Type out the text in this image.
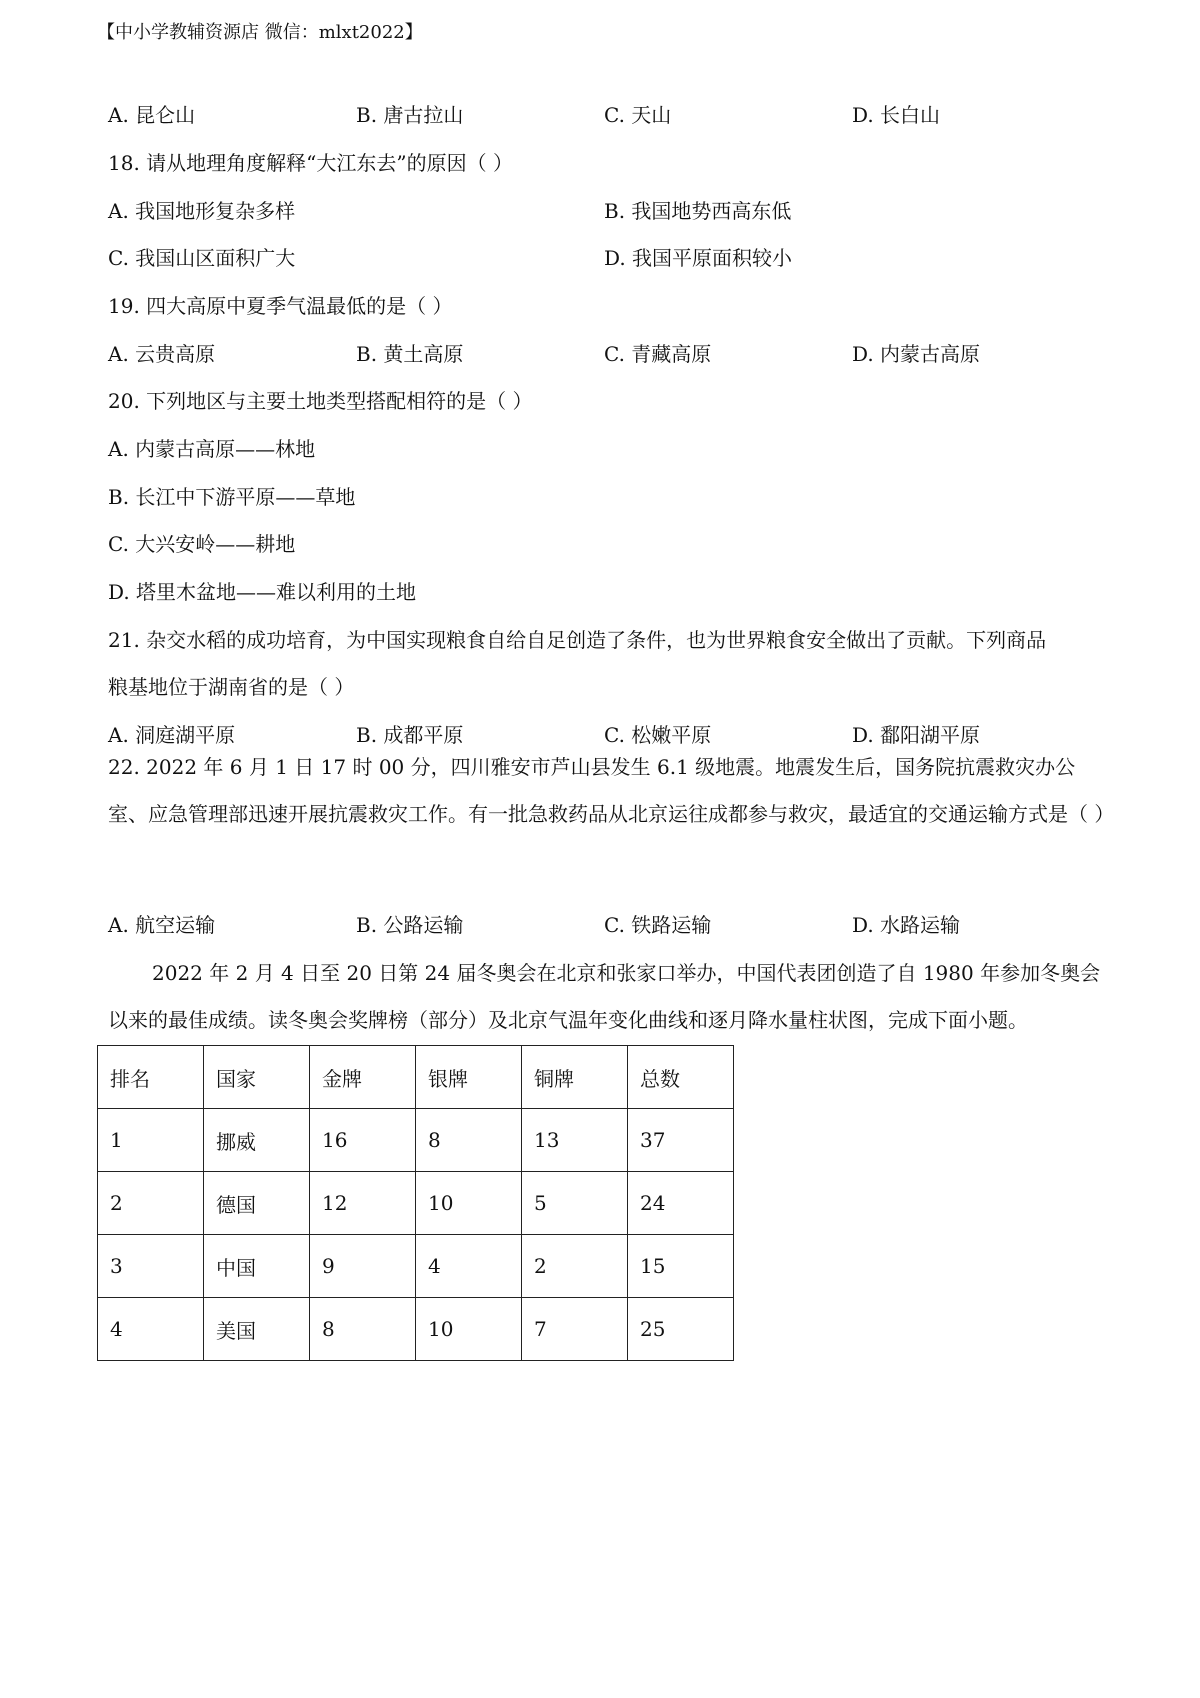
【中小学教辅资源店 微信：mlxt2022】
A. 昆仑山	B. 唐古拉山	C. 天山	D. 长白山
18. 请从地理角度解释“大江东去”的原因（ ）
A. 我国地形复杂多样	B. 我国地势西高东低
C. 我国山区面积广大	D. 我国平原面积较小
19. 四大高原中夏季气温最低的是（ ）
A. 云贵高原	B. 黄土高原	C. 青藏高原	D. 内蒙古高原
20. 下列地区与主要土地类型搭配相符的是（ ）
A. 内蒙古高原——林地
B. 长江中下游平原——草地
C. 大兴安岭——耕地
D. 塔里木盆地——难以利用的土地
21. 杂交水稻的成功培育，为中国实现粮食自给自足创造了条件，也为世界粮食安全做出了贡献。下列商品
粮基地位于湖南省的是（ ）
A. 洞庭湖平原	B. 成都平原	C. 松嫩平原	D. 鄱阳湖平原
22. 2022 年 6 月 1 日 17 时 00 分，四川雅安市芦山县发生 6.1 级地震。地震发生后，国务院抗震救灾办公室、应急管理部迅速开展抗震救灾工作。有一批急救药品从北京运往成都参与救灾，最适宜的交通运输方式是（ ）
A. 航空运输	B. 公路运输	C. 铁路运输	D. 水路运输
2022 年 2 月 4 日至 20 日第 24 届冬奥会在北京和张家口举办，中国代表团创造了自 1980 年参加冬奥会以来的最佳成绩。读冬奥会奖牌榜（部分）及北京气温年变化曲线和逐月降水量柱状图，完成下面小题。
排名	国家	金牌	银牌	铜牌	总数
1	挪威	16	8	13	37
2	德国	12	10	5	24
3	中国	9	4	2	15
4	美国	8	10	7	25
